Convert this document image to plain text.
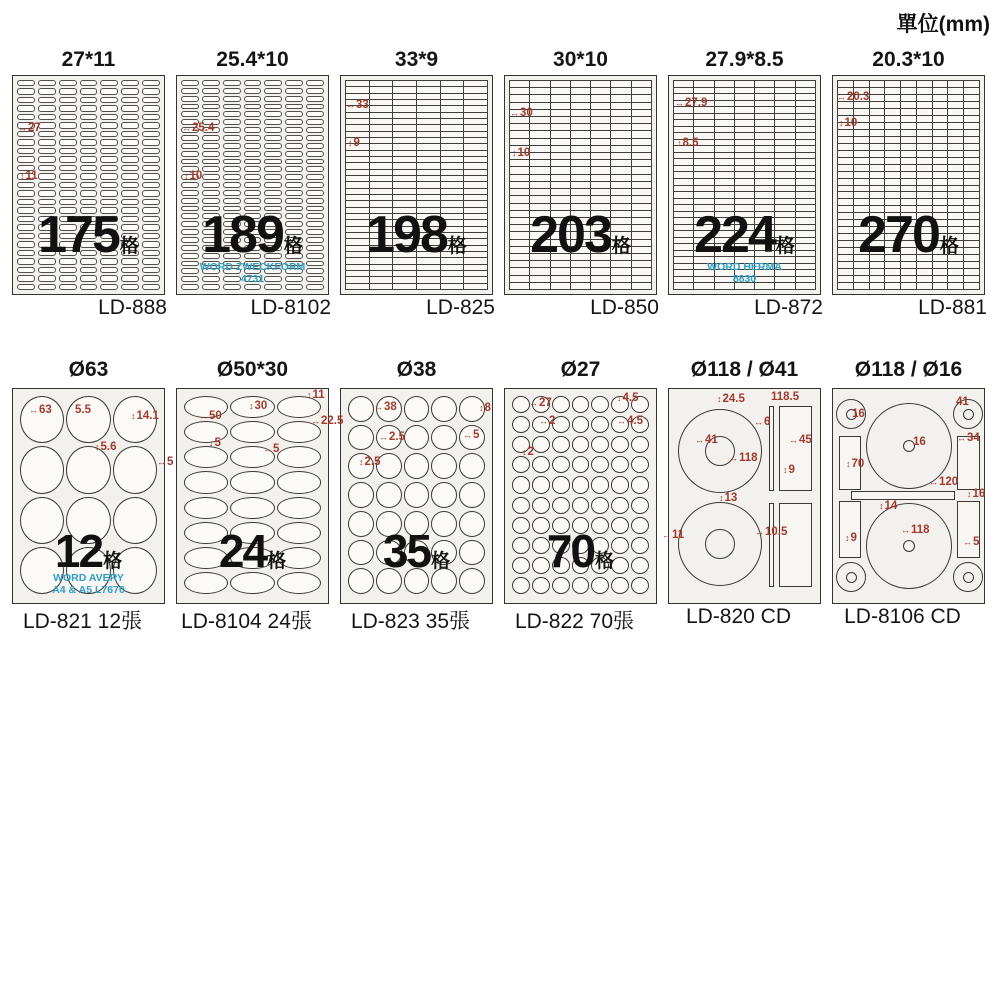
單位(mm)
27*11
↔27
↕11
175格
LD-888
25.4*10
↔25.4
↕10
189格
WORD ZWECKFORM
4731
LD-8102
33*9
↔33
↕9
198格
LD-825
30*10
↔30
↕10
203格
LD-850
27.9*8.5
↔27.9
↕8.5
224格
WORD HERMA
8830
LD-872
20.3*10
↔20.3
↕10
270格
LD-881
Ø63
↔63 5.5	↕14.1
↕5.6
↔5
12格
WORD AVERY
A4 & A5 L7670
LD-821 12張
Ø50*30
↔50
↕30
↕11
↔22.5
↕5	↔5
24格
LD-8104 24張
Ø38
↔38	↕8
↔2.5	↔5
↕2.5
35格
LD-823 35張
Ø27
↔27	↕4.5
↔2	↔4.5
↕2
70格
LD-822 70張
Ø118 / Ø41
↕24.5 118.5
↔6
↔41	↔45
↔118
↕9
↕13
↔10.5
↔11
LD-820 CD
Ø118 / Ø16
16
41
16	↔34
↕70
↔120
↕16
↕14
↔118
↕9	↔5
LD-8106 CD
